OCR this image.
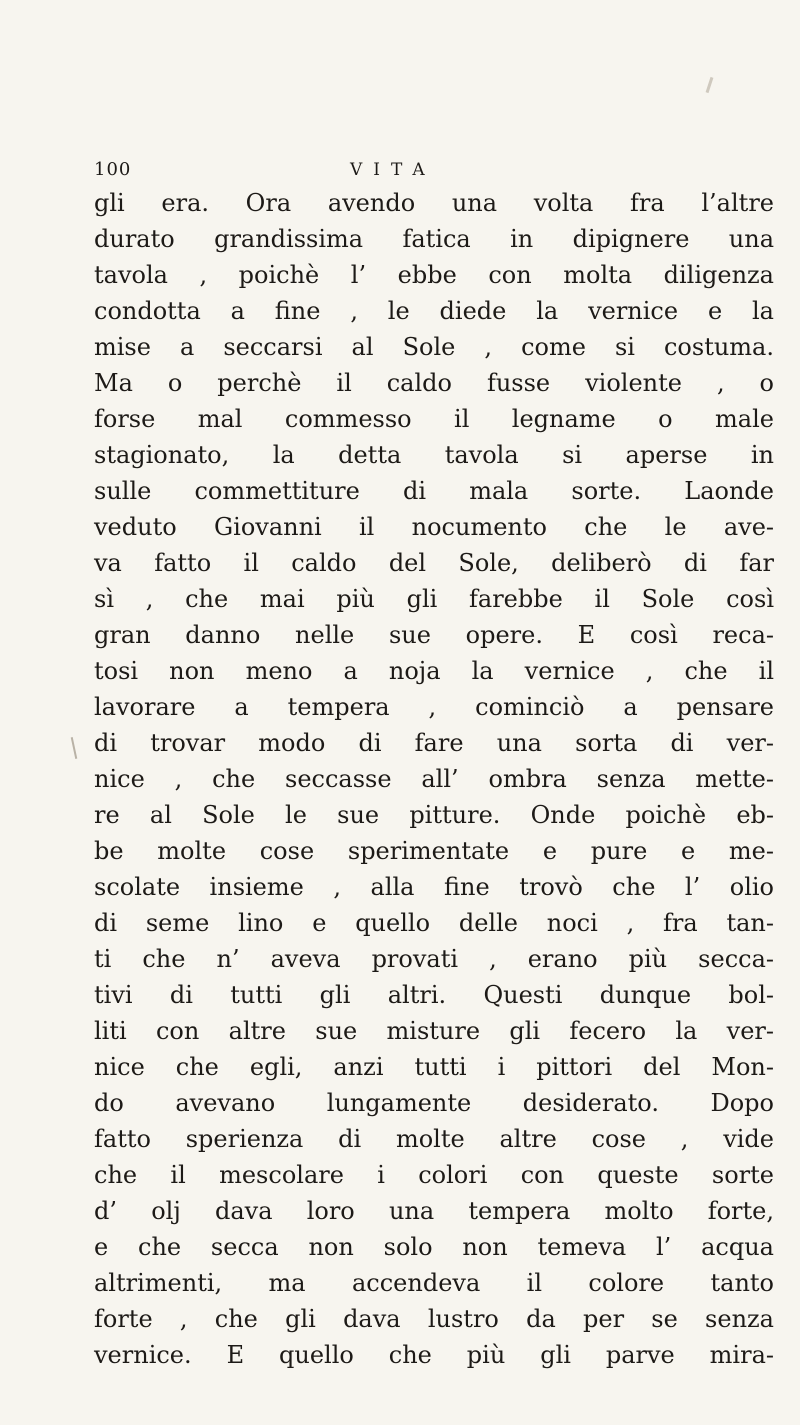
100	VITA
gli era. Ora avendo una volta fra l’altre
durato grandissima fatica in dipignere una
tavola , poichè l’ ebbe con molta diligenza
condotta a fine , le diede la vernice e la
mise a seccarsi al Sole , come si costuma.
Ma o perchè il caldo fusse violente , o
forse mal commesso il legname o male
stagionato, la detta tavola si aperse in
sulle commettiture di mala sorte. Laonde
veduto Giovanni il nocumento che le ave-
va fatto il caldo del Sole, deliberò di far
sì , che mai più gli farebbe il Sole così
gran danno nelle sue opere. E così reca-
tosi non meno a noja la vernice , che il
lavorare a tempera , cominciò a pensare
di trovar modo di fare una sorta di ver-
nice , che seccasse all’ ombra senza mette-
re al Sole le sue pitture. Onde poichè eb-
be molte cose sperimentate e pure e me-
scolate insieme , alla fine trovò che l’ olio
di seme lino e quello delle noci , fra tan-
ti che n’ aveva provati , erano più secca-
tivi di tutti gli altri. Questi dunque bol-
liti con altre sue misture gli fecero la ver-
nice che egli, anzi tutti i pittori del Mon-
do avevano lungamente desiderato. Dopo
fatto sperienza di molte altre cose , vide
che il mescolare i colori con queste sorte
d’ olj dava loro una tempera molto forte,
e che secca non solo non temeva l’ acqua
altrimenti, ma accendeva il colore tanto
forte , che gli dava lustro da per se senza
vernice. E quello che più gli parve mira-
